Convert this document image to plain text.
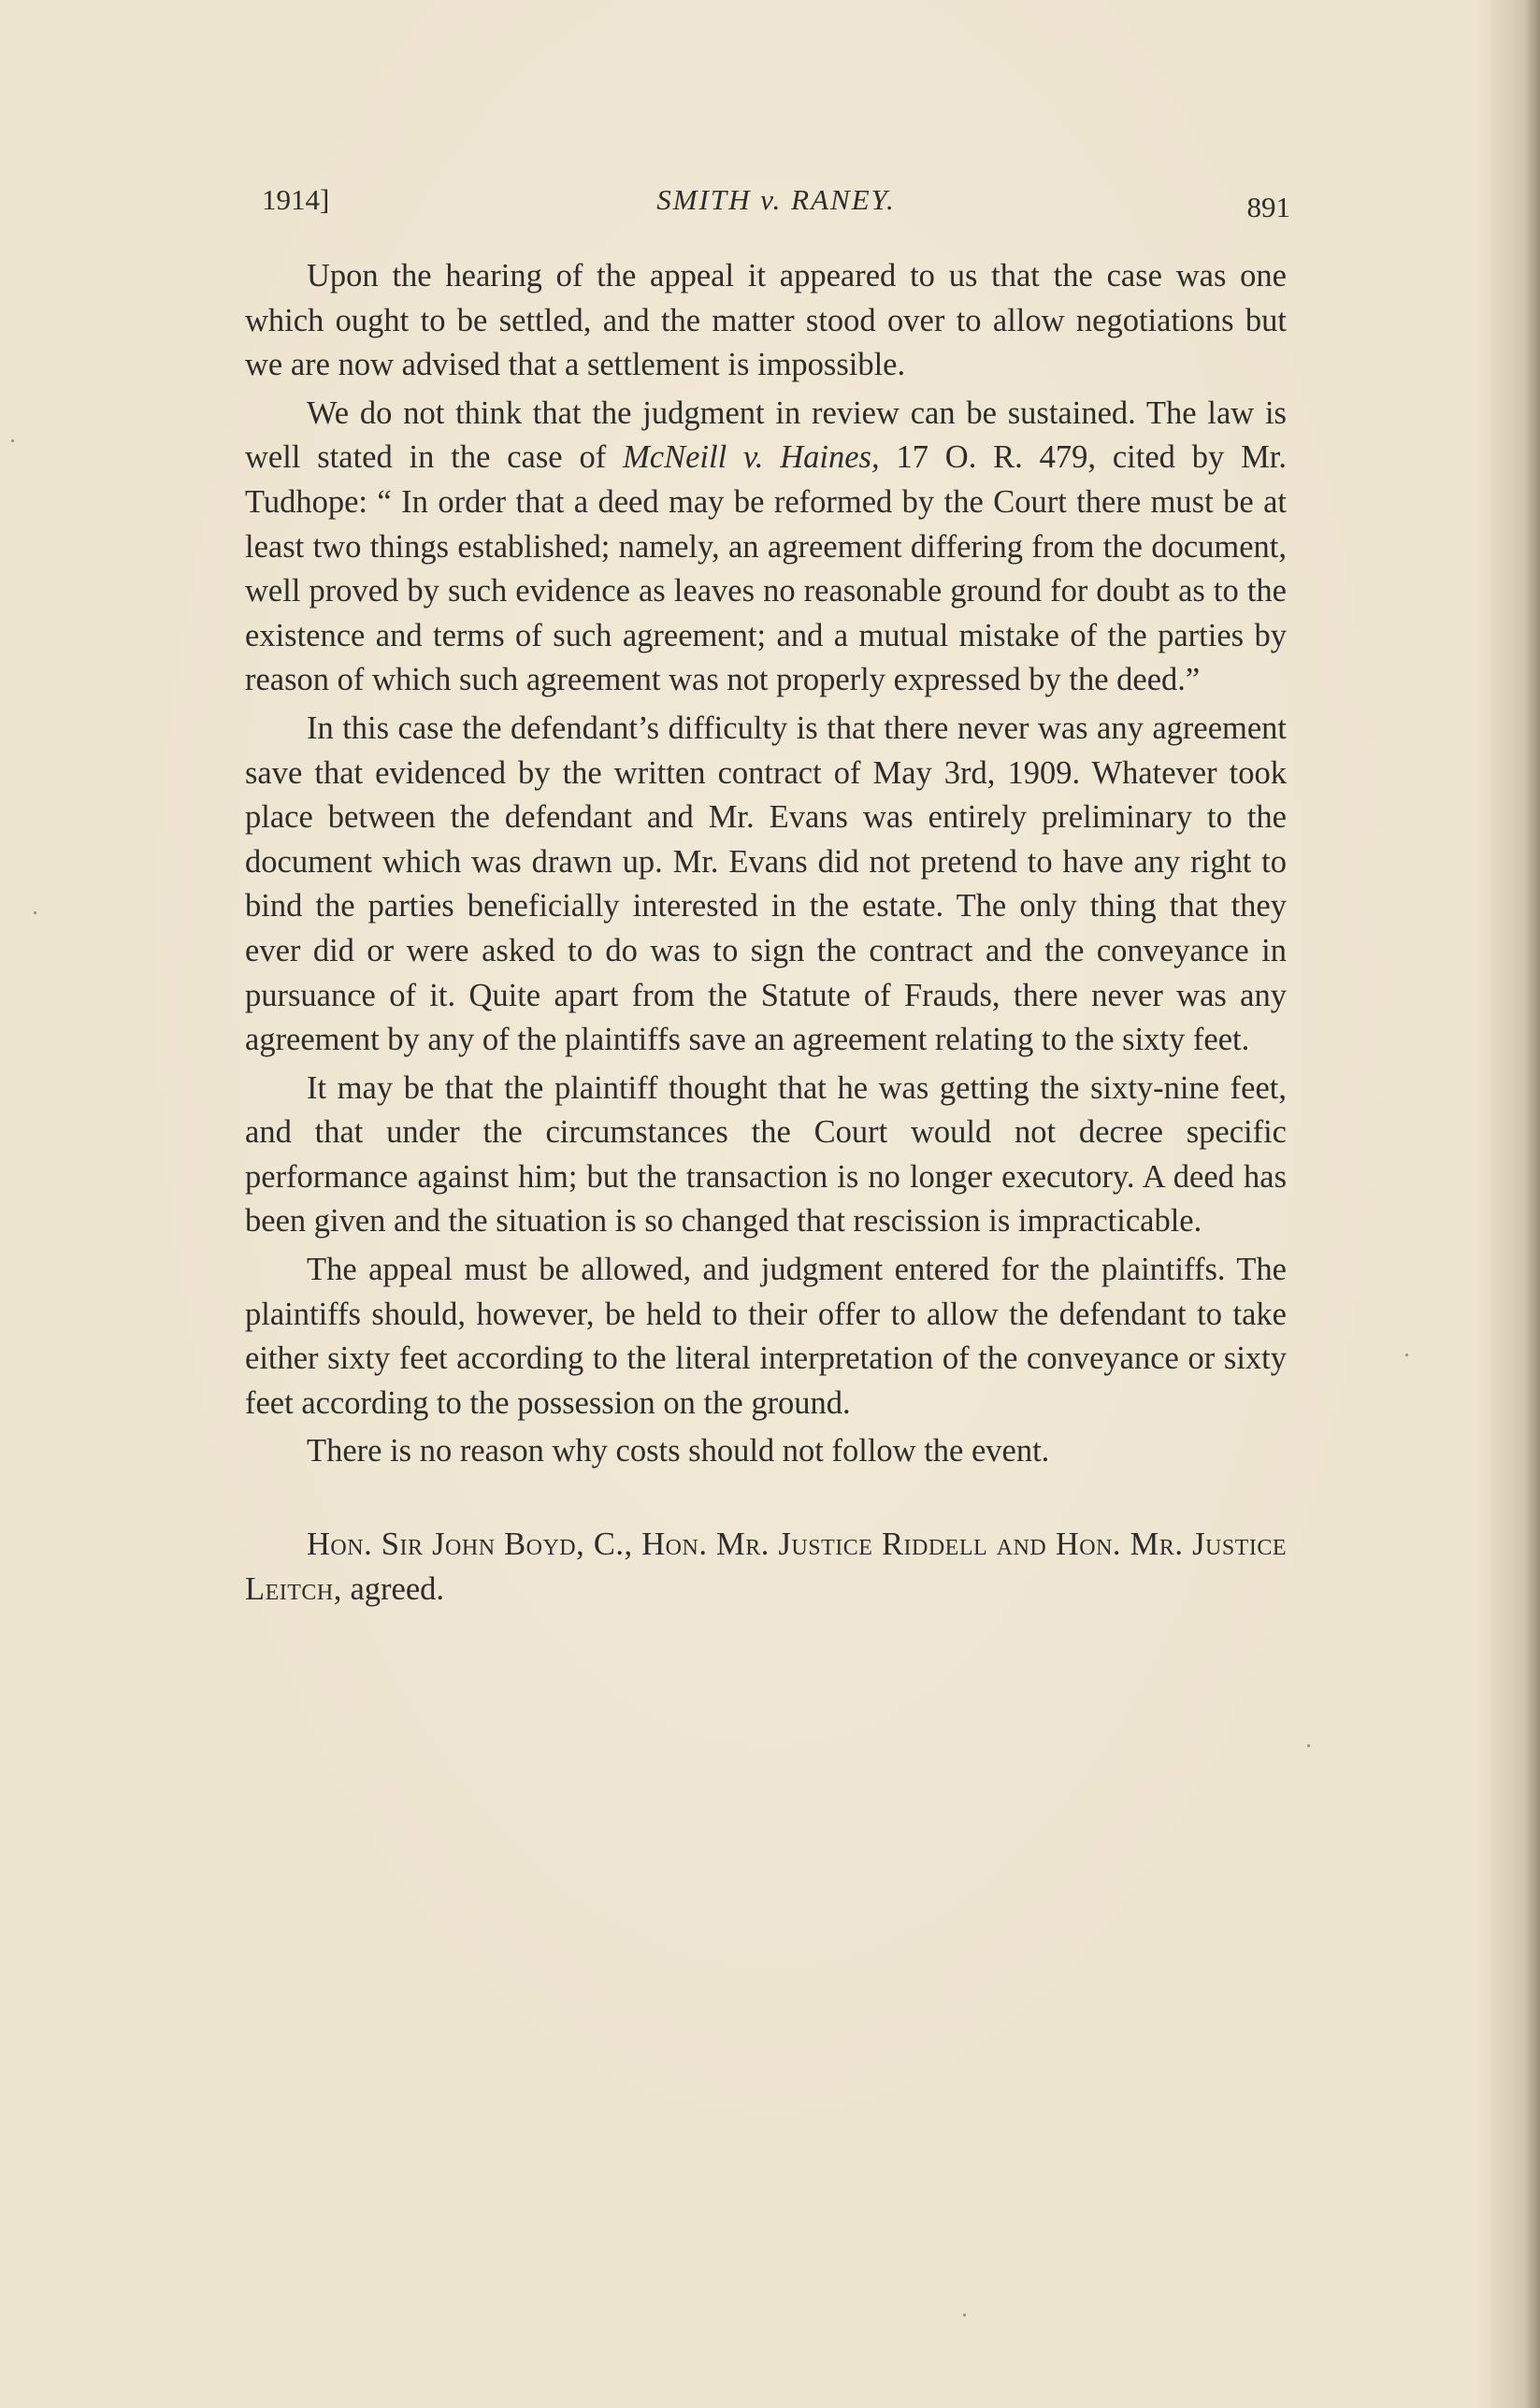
1914]	SMITH v. RANEY.	891

Upon the hearing of the appeal it appeared to us that the case was one which ought to be settled, and the matter stood over to allow negotiations but we are now advised that a settlement is impossible.

We do not think that the judgment in review can be sustained. The law is well stated in the case of McNeill v. Haines, 17 O. R. 479, cited by Mr. Tudhope: “ In order that a deed may be reformed by the Court there must be at least two things established; namely, an agreement differing from the document, well proved by such evidence as leaves no reasonable ground for doubt as to the existence and terms of such agreement; and a mutual mistake of the parties by reason of which such agreement was not properly expressed by the deed.”

In this case the defendant’s difficulty is that there never was any agreement save that evidenced by the written contract of May 3rd, 1909. Whatever took place between the defendant and Mr. Evans was entirely preliminary to the document which was drawn up. Mr. Evans did not pretend to have any right to bind the parties beneficially interested in the estate. The only thing that they ever did or were asked to do was to sign the contract and the conveyance in pursuance of it. Quite apart from the Statute of Frauds, there never was any agreement by any of the plaintiffs save an agreement relating to the sixty feet.

It may be that the plaintiff thought that he was getting the sixty-nine feet, and that under the circumstances the Court would not decree specific performance against him; but the transaction is no longer executory. A deed has been given and the situation is so changed that rescission is impracticable.

The appeal must be allowed, and judgment entered for the plaintiffs. The plaintiffs should, however, be held to their offer to allow the defendant to take either sixty feet according to the literal interpretation of the conveyance or sixty feet according to the possession on the ground.

There is no reason why costs should not follow the event.

Hon. Sir John Boyd, C., Hon. Mr. Justice Riddell and Hon. Mr. Justice Leitch, agreed.
